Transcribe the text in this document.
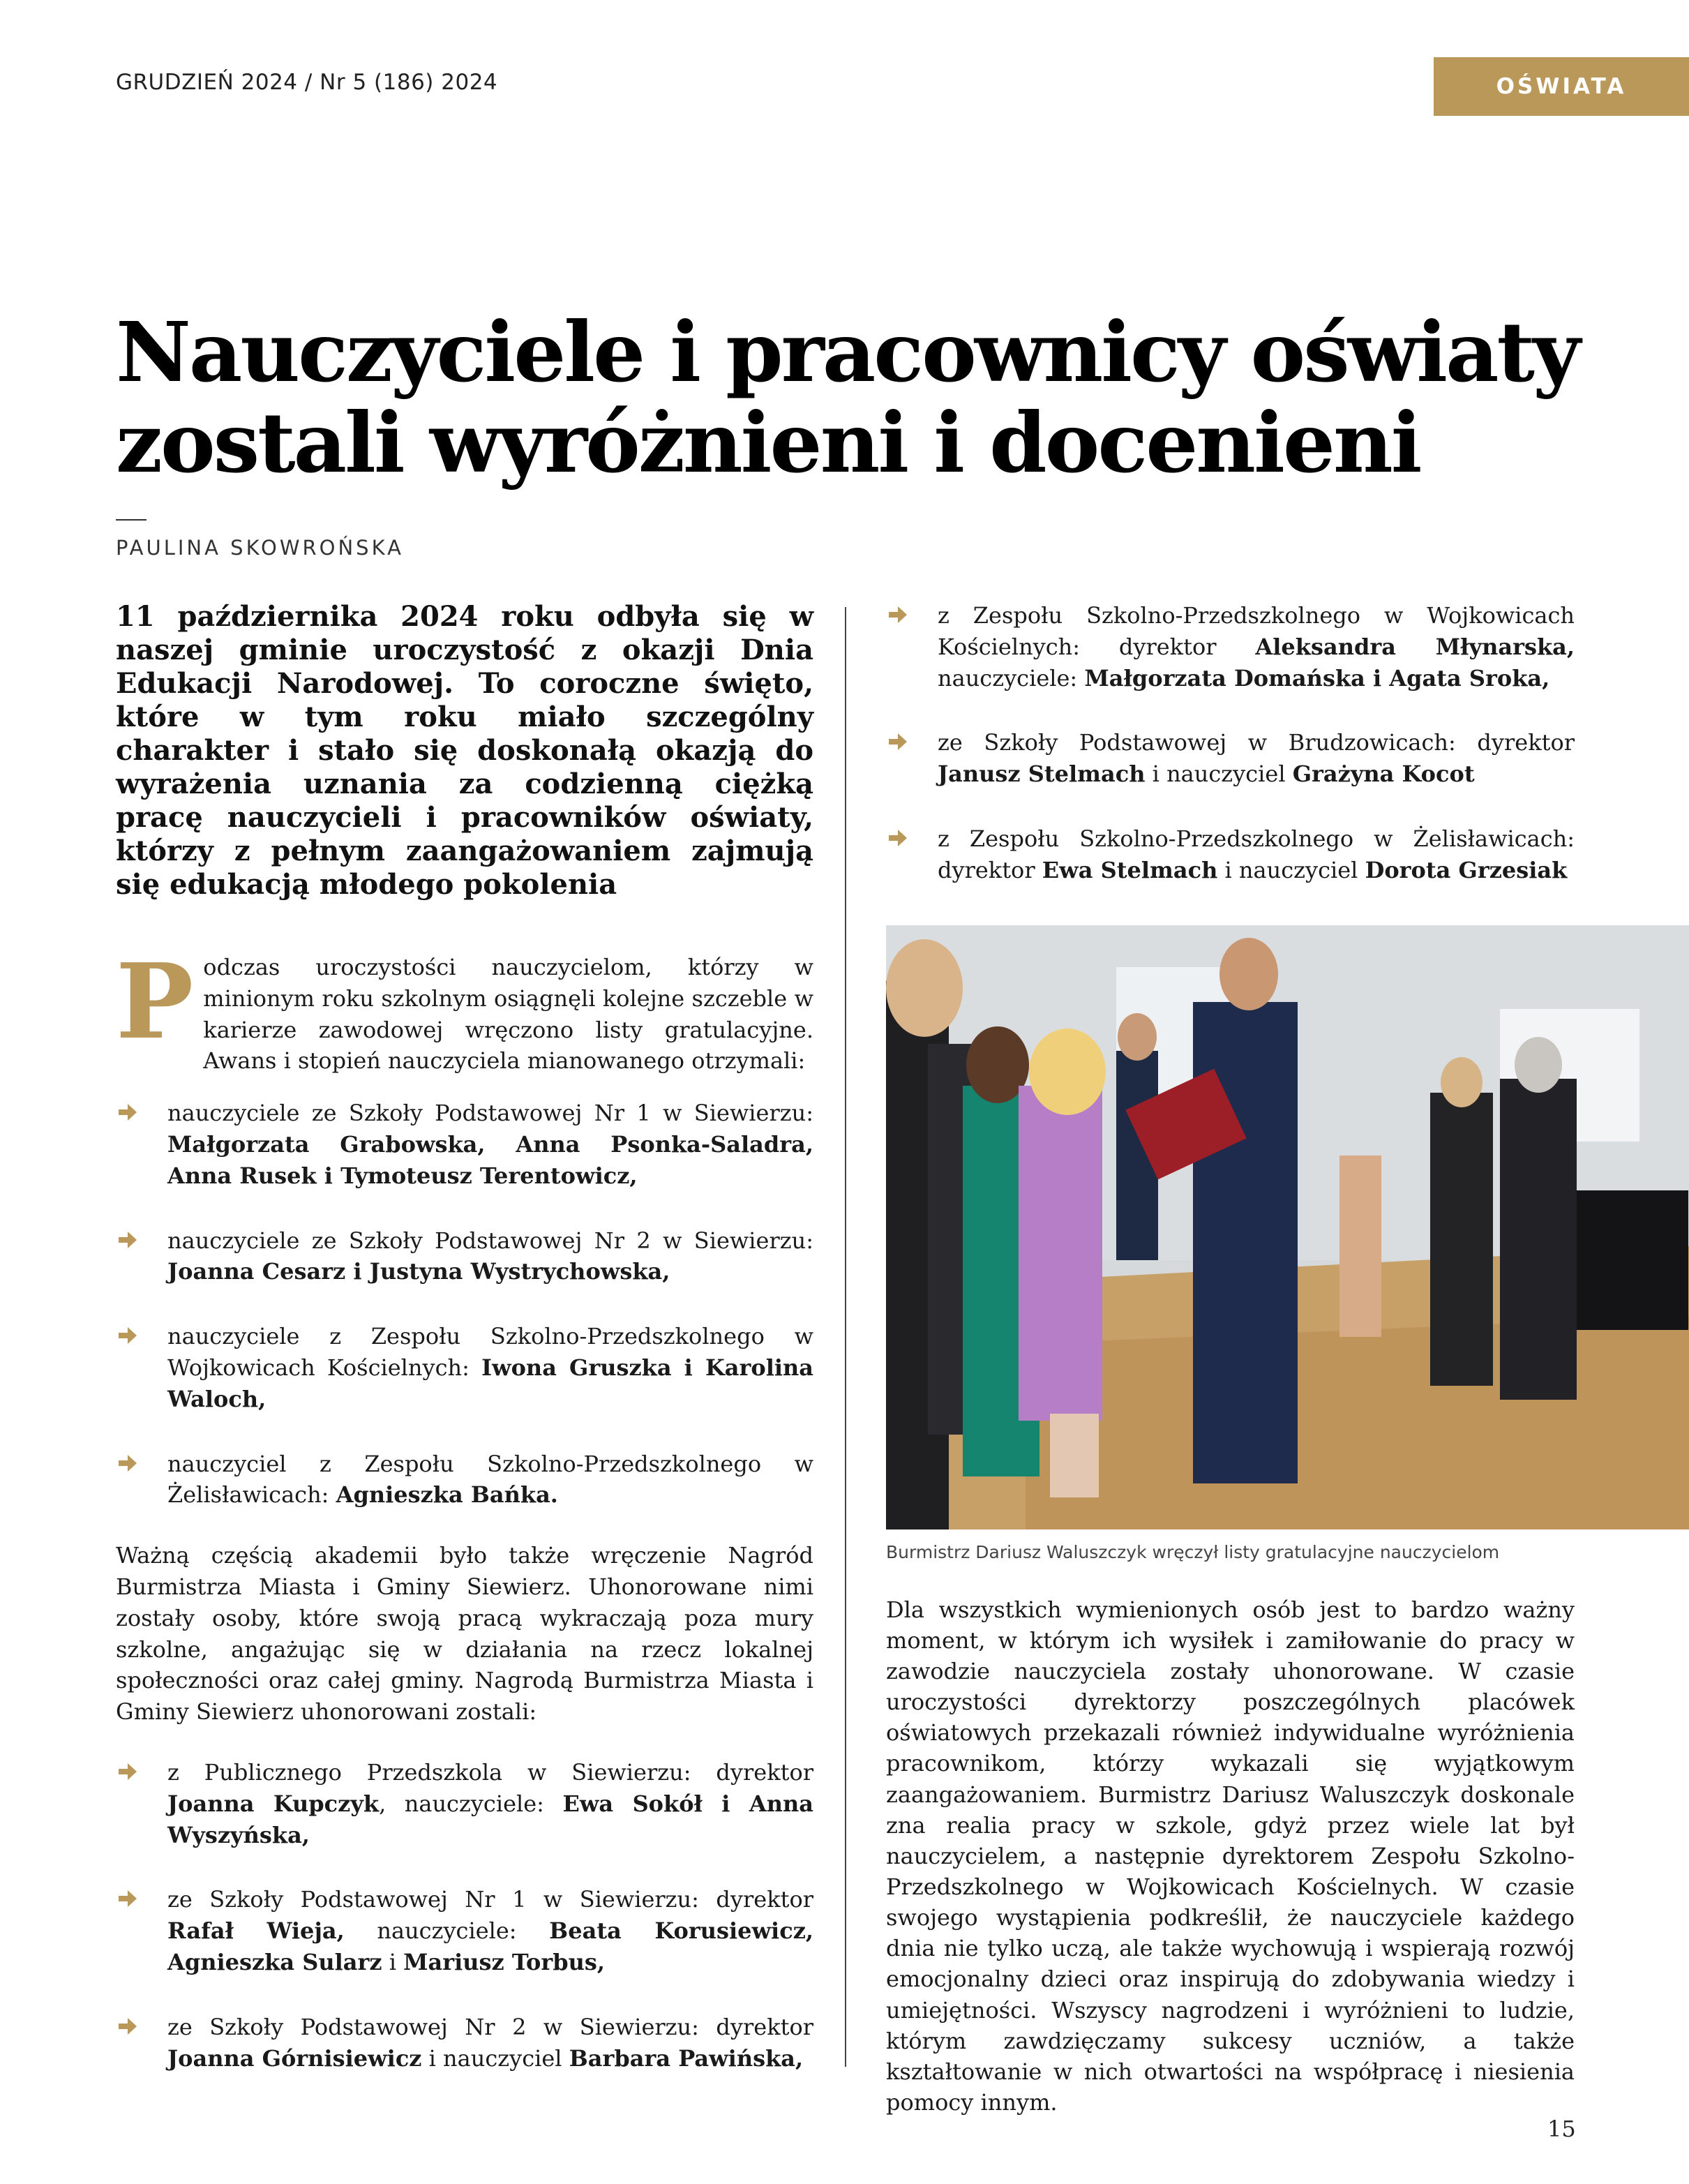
GRUDZIEŃ 2024 / Nr 5 (186) 2024	OŚWIATA
Nauczyciele i pracownicy oświaty
zostali wyróżnieni i docenieni
PAULINA SKOWROŃSKA

11 października 2024 roku odbyła się w naszej gminie uroczystość z okazji Dnia Edukacji Narodowej. To coroczne święto, które w tym roku miało szczególny charakter i stało się doskonałą okazją do wyrażenia uznania za codzienną ciężką pracę nauczycieli i pracowników oświaty, którzy z pełnym zaangażowaniem zajmują się edukacją młodego pokolenia

Podczas uroczystości nauczycielom, którzy w minionym roku szkolnym osiągnęli kolejne szczeble w karierze zawodowej wręczono listy gratulacyjne. Awans i stopień nauczyciela mianowanego otrzymali:

nauczyciele ze Szkoły Podstawowej Nr 1 w Siewierzu: Małgorzata Grabowska, Anna Psonka-Saladra, Anna Rusek i Tymoteusz Terentowicz,
nauczyciele ze Szkoły Podstawowej Nr 2 w Siewierzu: Joanna Cesarz i Justyna Wystrychowska,
nauczyciele z Zespołu Szkolno-Przedszkolnego w Wojkowicach Kościelnych: Iwona Gruszka i Karolina Waloch,
nauczyciel z Zespołu Szkolno-Przedszkolnego w Żelisławicach: Agnieszka Bańka.

Ważną częścią akademii było także wręczenie Nagród Burmistrza Miasta i Gminy Siewierz. Uhonorowane nimi zostały osoby, które swoją pracą wykraczają poza mury szkolne, angażując się w działania na rzecz lokalnej społeczności oraz całej gminy. Nagrodą Burmistrza Miasta i Gminy Siewierz uhonorowani zostali:

z Publicznego Przedszkola w Siewierzu: dyrektor Joanna Kupczyk, nauczyciele: Ewa Sokół i Anna Wyszyńska,
ze Szkoły Podstawowej Nr 1 w Siewierzu: dyrektor Rafał Wieja, nauczyciele: Beata Korusiewicz, Agnieszka Sularz i Mariusz Torbus,
ze Szkoły Podstawowej Nr 2 w Siewierzu: dyrektor Joanna Górnisiewicz i nauczyciel Barbara Pawińska,
z Zespołu Szkolno-Przedszkolnego w Wojkowicach Kościelnych: dyrektor Aleksandra Młynarska, nauczyciele: Małgorzata Domańska i Agata Sroka,
ze Szkoły Podstawowej w Brudzowicach: dyrektor Janusz Stelmach i nauczyciel Grażyna Kocot
z Zespołu Szkolno-Przedszkolnego w Żelisławicach: dyrektor Ewa Stelmach i nauczyciel Dorota Grzesiak

Burmistrz Dariusz Waluszczyk wręczył listy gratulacyjne nauczycielom

Dla wszystkich wymienionych osób jest to bardzo ważny moment, w którym ich wysiłek i zamiłowanie do pracy w zawodzie nauczyciela zostały uhonorowane. W czasie uroczystości dyrektorzy poszczególnych placówek oświatowych przekazali również indywidualne wyróżnienia pracownikom, którzy wykazali się wyjątkowym zaangażowaniem. Burmistrz Dariusz Waluszczyk doskonale zna realia pracy w szkole, gdyż przez wiele lat był nauczycielem, a następnie dyrektorem Zespołu Szkolno-Przedszkolnego w Wojkowicach Kościelnych. W czasie swojego wystąpienia podkreślił, że nauczyciele każdego dnia nie tylko uczą, ale także wychowują i wspierają rozwój emocjonalny dzieci oraz inspirują do zdobywania wiedzy i umiejętności. Wszyscy nagrodzeni i wyróżnieni to ludzie, którym zawdzięczamy sukcesy uczniów, a także kształtowanie w nich otwartości na współpracę i niesienia pomocy innym.

15
